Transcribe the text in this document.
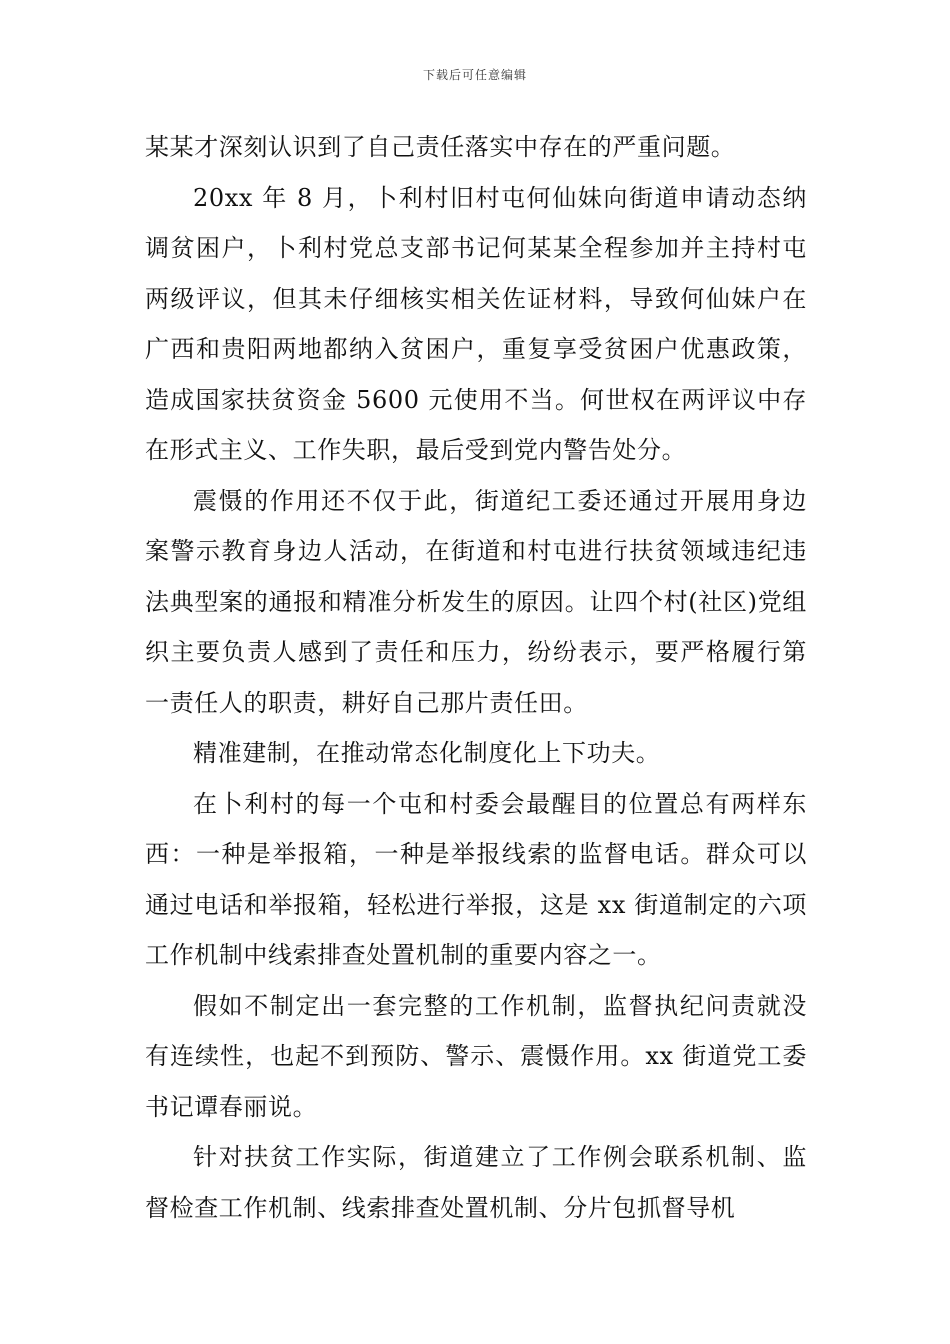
下载后可任意编辑

某某才深刻认识到了自己责任落实中存在的严重问题。

20xx 年 8 月，卜利村旧村屯何仙妹向街道申请动态纳调贫困户，卜利村党总支部书记何某某全程参加并主持村屯两级评议，但其未仔细核实相关佐证材料，导致何仙妹户在广西和贵阳两地都纳入贫困户，重复享受贫困户优惠政策，造成国家扶贫资金 5600 元使用不当。何世权在两评议中存在形式主义、工作失职，最后受到党内警告处分。

震慑的作用还不仅于此，街道纪工委还通过开展用身边案警示教育身边人活动，在街道和村屯进行扶贫领域违纪违法典型案的通报和精准分析发生的原因。让四个村(社区)党组织主要负责人感到了责任和压力，纷纷表示，要严格履行第一责任人的职责，耕好自己那片责任田。

精准建制，在推动常态化制度化上下功夫。

在卜利村的每一个屯和村委会最醒目的位置总有两样东西：一种是举报箱，一种是举报线索的监督电话。群众可以通过电话和举报箱，轻松进行举报，这是 xx 街道制定的六项工作机制中线索排查处置机制的重要内容之一。

假如不制定出一套完整的工作机制，监督执纪问责就没有连续性，也起不到预防、警示、震慑作用。xx 街道党工委书记谭春丽说。

针对扶贫工作实际，街道建立了工作例会联系机制、监督检查工作机制、线索排查处置机制、分片包抓督导机
